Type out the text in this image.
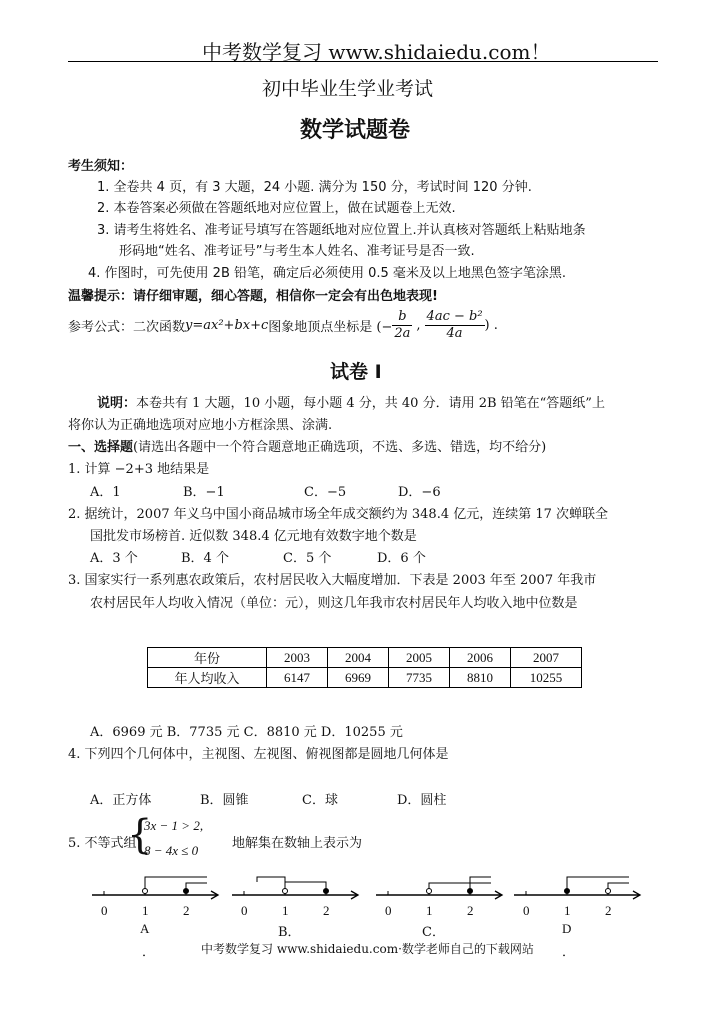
中考数学复习 www.shidaiedu.com！
初中毕业生学业考试
数学试题卷
考生须知：
1. 全卷共 4 页，有 3 大题，24 小题. 满分为 150 分，考试时间 120 分钟.
2. 本卷答案必须做在答题纸地对应位置上，做在试题卷上无效.
3. 请考生将姓名、准考证号填写在答题纸地对应位置上.并认真核对答题纸上粘贴地条
形码地“姓名、准考证号”与考生本人姓名、准考证号是否一致.
4. 作图时，可先使用 2B 铅笔，确定后必须使用 0.5 毫米及以上地黑色签字笔涂黑.
温馨提示：请仔细审题，细心答题，相信你一定会有出色地表现!
参考公式：二次函数 y=ax²+bx+c 图象地顶点坐标是 (− $\frac{b}{2a}$ , $\frac{\text{4ac − b²}}{4a}$ ) .
试卷 Ⅰ
说明：本卷共有 1 大题，10 小题，每小题 4 分，共 40 分．请用 2B 铅笔在“答题纸”上
将你认为正确地选项对应地小方框涂黑、涂满.
一、选择题(请选出各题中一个符合题意地正确选项，不选、多选、错选，均不给分)
1. 计算 −2+3 地结果是
A．1	B．−1	C．−5	D．−6
2. 据统计，2007 年义乌中国小商品城市场全年成交额约为 348.4 亿元，连续第 17 次蝉联全
国批发市场榜首. 近似数 348.4 亿元地有效数字地个数是
A．3 个	B．4 个	C．5 个	D．6 个
3. 国家实行一系列惠农政策后，农村居民收入大幅度增加．下表是 2003 年至 2007 年我市
农村居民年人均收入情况（单位：元），则这几年我市农村居民年人均收入地中位数是
年份	2003	2004	2005	2006	2007
年人均收入	6147	6969	7735	8810	10255
A．6969 元 B．7735 元 C．8810 元 D．10255 元
4. 下列四个几何体中，主视图、左视图、俯视图都是圆地几何体是
A．正方体	B．圆锥	C．球	D．圆柱
5. 不等式组
{
3x − 1 > 2,
8 − 4x ≤ 0	地解集在数轴上表示为
0	1	2
A
．
0	1	2
B．
0	1	2
C．
0	1	2
D
．
中考数学复习 www.shidaiedu.com·数学老师自己的下载网站
